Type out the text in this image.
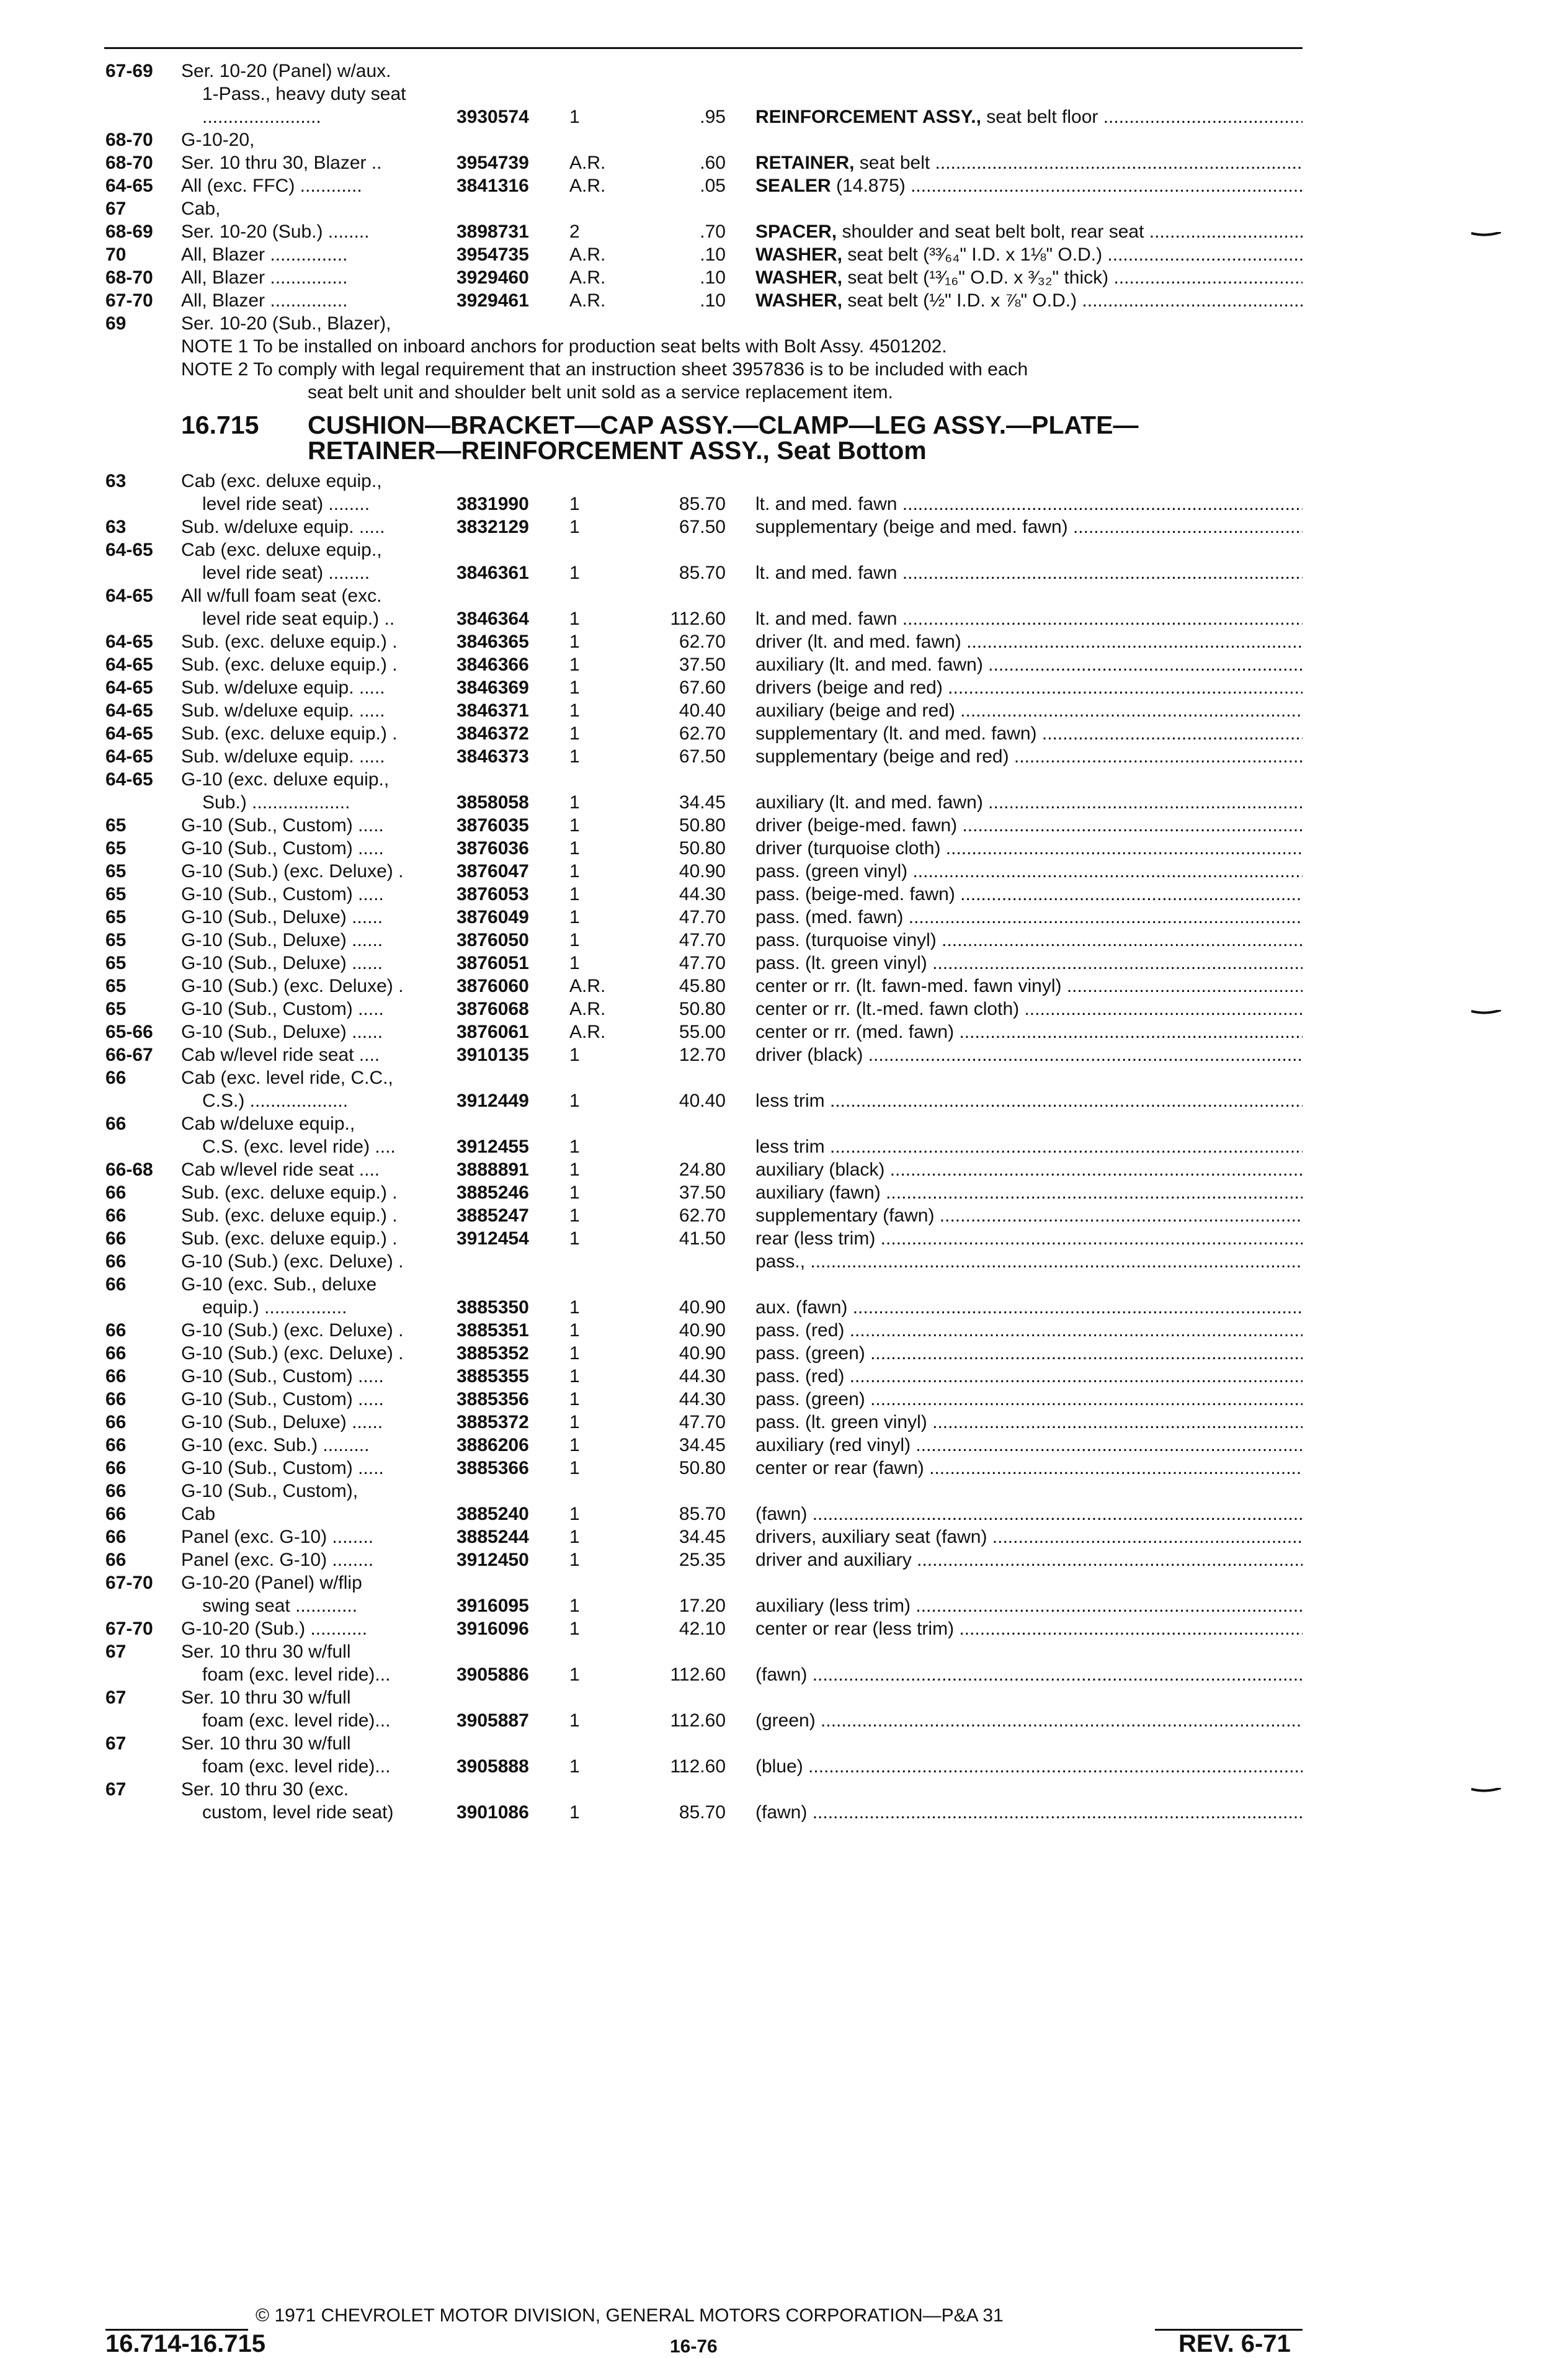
67-69 Ser. 10-20 (Panel) w/aux.
1-Pass., heavy duty seat
.......................	3930574 1	.95 REINFORCEMENT ASSY., seat belt floor .....
68-70 G-10-20,
68-70 Ser. 10 thru 30, Blazer ..	3954739 A.R.	.60 RETAINER, seat belt .....
64-65 All (exc. FFC) ............	3841316 A.R.	.05 SEALER (14.875) .....
67	Cab,
68-69 Ser. 10-20 (Sub.) ........	3898731 2	.70 SPACER, shoulder and seat belt bolt, rear seat .....
70	All, Blazer ...............	3954735 A.R.	.10 WASHER, seat belt (³³⁄₆₄" I.D. x 1⅛" O.D.) .....
68-70 All, Blazer ...............	3929460 A.R.	.10 WASHER, seat belt (¹³⁄₁₆" O.D. x ³⁄₃₂" thick) .....
67-70 All, Blazer ...............	3929461 A.R.	.10 WASHER, seat belt (½" I.D. x ⅞" O.D.) .....
69	Ser. 10-20 (Sub., Blazer),
NOTE 1 To be installed on inboard anchors for production seat belts with Bolt Assy. 4501202.
NOTE 2 To comply with legal requirement that an instruction sheet 3957836 is to be included with each
seat belt unit and shoulder belt unit sold as a service replacement item.
16.715 CUSHION—BRACKET—CAP ASSY.—CLAMP—LEG ASSY.—PLATE—
RETAINER—REINFORCEMENT ASSY., Seat Bottom
63	Cab (exc. deluxe equip.,
level ride seat) ........	3831990 1	85.70 lt. and med. fawn .....
63	Sub. w/deluxe equip. .....	3832129 1	67.50 supplementary (beige and med. fawn) .....
64-65 Cab (exc. deluxe equip.,
level ride seat) ........	3846361 1	85.70 lt. and med. fawn .....
64-65 All w/full foam seat (exc.
level ride seat equip.) ..	3846364 1	112.60 lt. and med. fawn .....
64-65 Sub. (exc. deluxe equip.) .	3846365 1	62.70 driver (lt. and med. fawn) .....
64-65 Sub. (exc. deluxe equip.) .	3846366 1	37.50 auxiliary (lt. and med. fawn) .....
64-65 Sub. w/deluxe equip. .....	3846369 1	67.60 drivers (beige and red) .....
64-65 Sub. w/deluxe equip. .....	3846371 1	40.40 auxiliary (beige and red) .....
64-65 Sub. (exc. deluxe equip.) .	3846372 1	62.70 supplementary (lt. and med. fawn) .....
64-65 Sub. w/deluxe equip. .....	3846373 1	67.50 supplementary (beige and red) .....
64-65 G-10 (exc. deluxe equip.,
Sub.) ...................	3858058 1	34.45 auxiliary (lt. and med. fawn) .....
65	G-10 (Sub., Custom) .....	3876035 1	50.80 driver (beige-med. fawn) .....
65	G-10 (Sub., Custom) .....	3876036 1	50.80 driver (turquoise cloth) .....
65	G-10 (Sub.) (exc. Deluxe) .	3876047 1	40.90 pass. (green vinyl) .....
65	G-10 (Sub., Custom) .....	3876053 1	44.30 pass. (beige-med. fawn) .....
65	G-10 (Sub., Deluxe) ......	3876049 1	47.70 pass. (med. fawn) .....
65	G-10 (Sub., Deluxe) ......	3876050 1	47.70 pass. (turquoise vinyl) .....
65	G-10 (Sub., Deluxe) ......	3876051 1	47.70 pass. (lt. green vinyl) .....
65	G-10 (Sub.) (exc. Deluxe) .	3876060 A.R.	45.80 center or rr. (lt. fawn-med. fawn vinyl) .....
65	G-10 (Sub., Custom) .....	3876068 A.R.	50.80 center or rr. (lt.-med. fawn cloth) .....
65-66 G-10 (Sub., Deluxe) ......	3876061 A.R.	55.00 center or rr. (med. fawn) .....
66-67 Cab w/level ride seat ....	3910135 1	12.70 driver (black) .....
66	Cab (exc. level ride, C.C.,
C.S.) ...................	3912449 1	40.40 less trim .....
66	Cab w/deluxe equip.,
C.S. (exc. level ride) ....	3912455 1	less trim .....
66-68 Cab w/level ride seat ....	3888891 1	24.80 auxiliary (black) .....
66	Sub. (exc. deluxe equip.) .	3885246 1	37.50 auxiliary (fawn) .....
66	Sub. (exc. deluxe equip.) .	3885247 1	62.70 supplementary (fawn) .....
66	Sub. (exc. deluxe equip.) .	3912454 1	41.50 rear (less trim) .....
66	G-10 (Sub.) (exc. Deluxe) .	pass., .....
66	G-10 (exc. Sub., deluxe
equip.) ................	3885350 1	40.90 aux. (fawn) .....
66	G-10 (Sub.) (exc. Deluxe) .	3885351 1	40.90 pass. (red) .....
66	G-10 (Sub.) (exc. Deluxe) .	3885352 1	40.90 pass. (green) .....
66	G-10 (Sub., Custom) .....	3885355 1	44.30 pass. (red) .....
66	G-10 (Sub., Custom) .....	3885356 1	44.30 pass. (green) .....
66	G-10 (Sub., Deluxe) ......	3885372 1	47.70 pass. (lt. green vinyl) .....
66	G-10 (exc. Sub.) .........	3886206 1	34.45 auxiliary (red vinyl) .....
66	G-10 (Sub., Custom) .....	3885366 1	50.80 center or rear (fawn) .....
66	G-10 (Sub., Custom),
66	Cab	3885240 1	85.70 (fawn) .....
66	Panel (exc. G-10) ........	3885244 1	34.45 drivers, auxiliary seat (fawn) .....
66	Panel (exc. G-10) ........	3912450 1	25.35 driver and auxiliary .....
67-70 G-10-20 (Panel) w/flip
swing seat ............	3916095 1	17.20 auxiliary (less trim) .....
67-70 G-10-20 (Sub.) ...........	3916096 1	42.10 center or rear (less trim) .....
67	Ser. 10 thru 30 w/full
foam (exc. level ride)...	3905886 1	112.60 (fawn) .....
67	Ser. 10 thru 30 w/full
foam (exc. level ride)...	3905887 1	112.60 (green) .....
67	Ser. 10 thru 30 w/full
foam (exc. level ride)...	3905888 1	112.60 (blue) .....
67	Ser. 10 thru 30 (exc.
custom, level ride seat)	3901086 1	85.70 (fawn) .....
© 1971 CHEVROLET MOTOR DIVISION, GENERAL MOTORS CORPORATION—P&A 31
16.714-16.715	16-76	REV. 6-71
